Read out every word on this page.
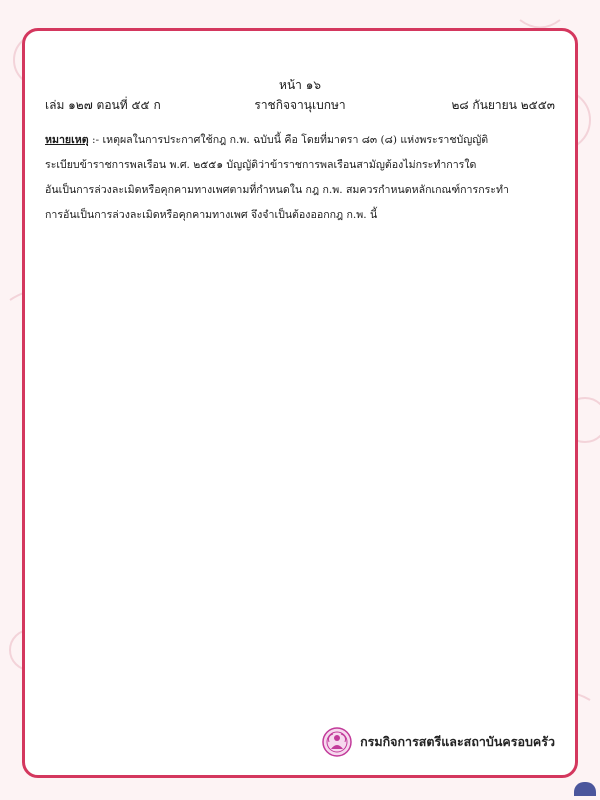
หน้า ๑๖
เล่ม ๑๒๗ ตอนที่ ๕๕ ก	ราชกิจจานุเบกษา	๒๘ กันยายน ๒๕๕๓
หมายเหตุ :- เหตุผลในการประกาศใช้กฎ ก.พ. ฉบับนี้ คือ โดยที่มาตรา ๘๓ (๘) แห่งพระราชบัญญัติ
ระเบียบข้าราชการพลเรือน พ.ศ. ๒๕๕๑ บัญญัติว่าข้าราชการพลเรือนสามัญต้องไม่กระทำการใด
อันเป็นการล่วงละเมิดหรือคุกคามทางเพศตามที่กำหนดใน กฎ ก.พ. สมควรกำหนดหลักเกณฑ์การกระทำ
การอันเป็นการล่วงละเมิดหรือคุกคามทางเพศ จึงจำเป็นต้องออกกฎ ก.พ. นี้
กรมกิจการสตรีและสถาบันครอบครัว
